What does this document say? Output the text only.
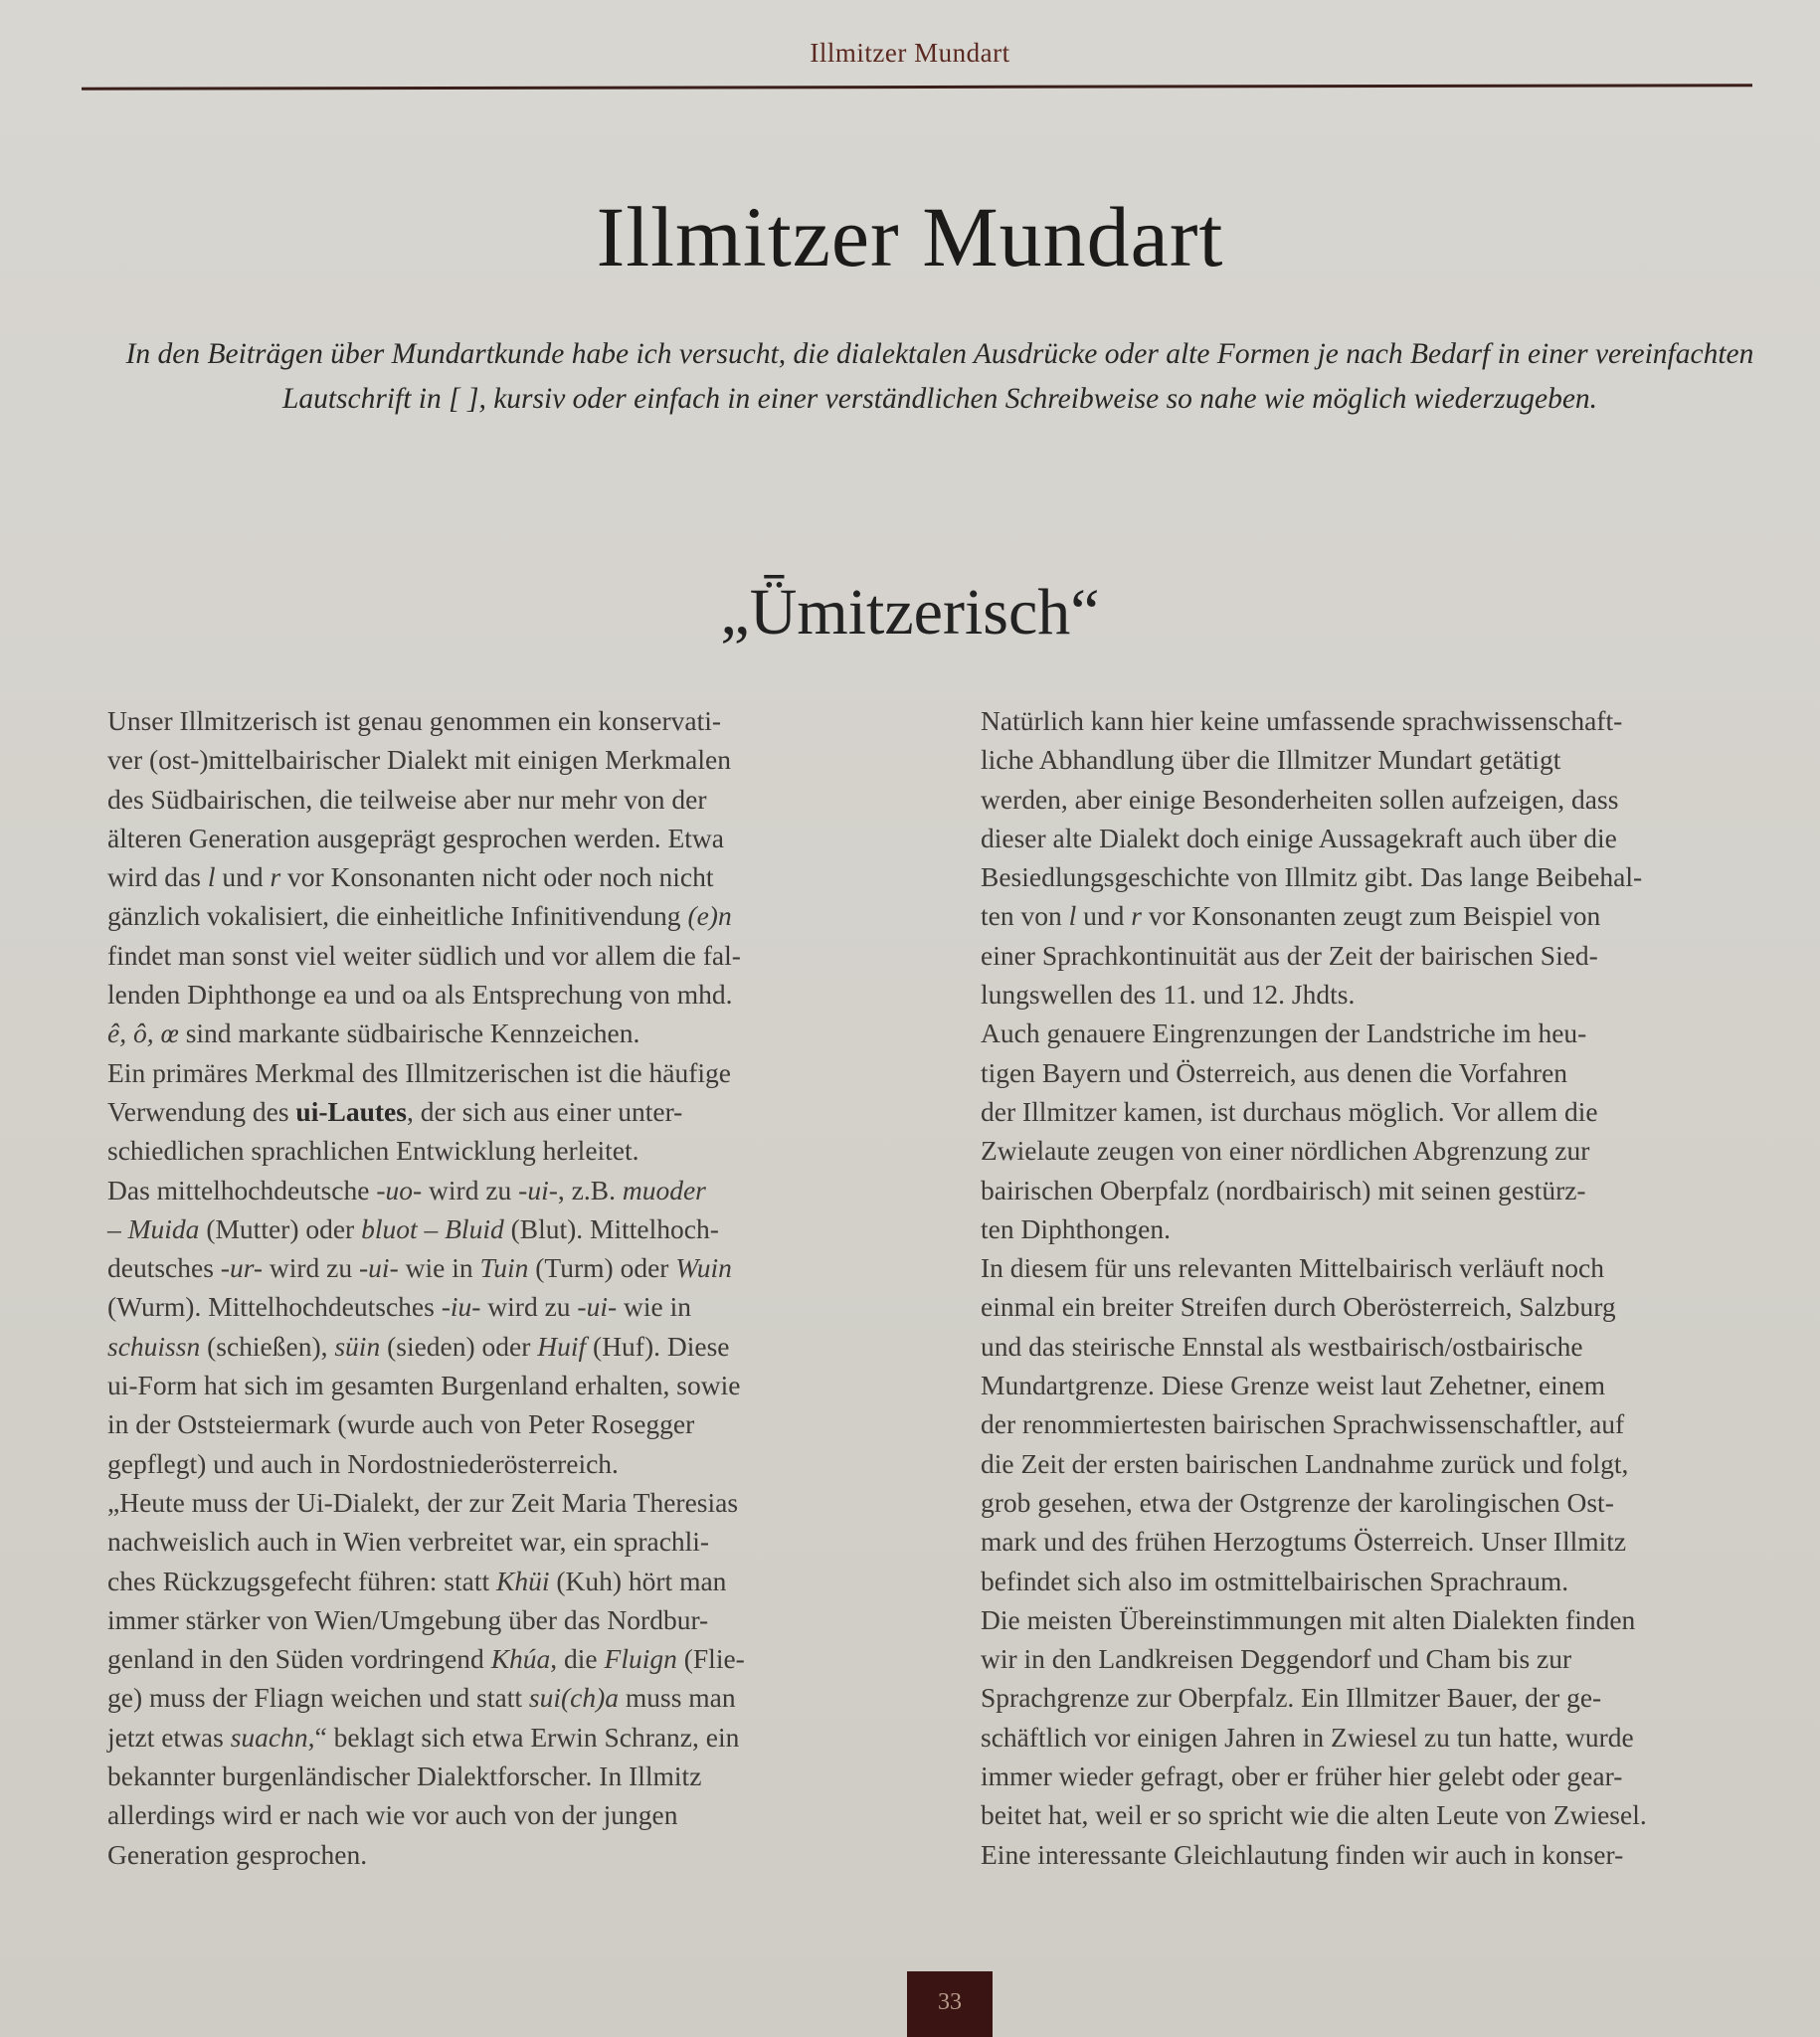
Illmitzer Mundart
Illmitzer Mundart

In den Beiträgen über Mundartkunde habe ich versucht, die dialektalen Ausdrücke oder alte Formen je nach Bedarf in einer vereinfachten Lautschrift in [ ], kursiv oder einfach in einer verständlichen Schreibweise so nahe wie möglich wiederzugeben.

„Ǖmitzerisch“
Unser Illmitzerisch ist genau genommen ein konservati-
ver (ost-)mittelbairischer Dialekt mit einigen Merkmalen
des Südbairischen, die teilweise aber nur mehr von der
älteren Generation ausgeprägt gesprochen werden. Etwa
wird das l und r vor Konsonanten nicht oder noch nicht
gänzlich vokalisiert, die einheitliche Infinitivendung (e)n
findet man sonst viel weiter südlich und vor allem die fal-
lenden Diphthonge ea und oa als Entsprechung von mhd.
ê, ô, œ sind markante südbairische Kennzeichen.
Ein primäres Merkmal des Illmitzerischen ist die häufige
Verwendung des ui-Lautes, der sich aus einer unter-
schiedlichen sprachlichen Entwicklung herleitet.
Das mittelhochdeutsche -uo- wird zu -ui-, z.B. muoder
– Muida (Mutter) oder bluot – Bluid (Blut). Mittelhoch-
deutsches -ur- wird zu -ui- wie in Tuin (Turm) oder Wuin
(Wurm). Mittelhochdeutsches -iu- wird zu -ui- wie in
schuissn (schießen), süin (sieden) oder Huif (Huf). Diese
ui-Form hat sich im gesamten Burgenland erhalten, sowie
in der Oststeiermark (wurde auch von Peter Rosegger
gepflegt) und auch in Nordostniederösterreich.
„Heute muss der Ui-Dialekt, der zur Zeit Maria Theresias
nachweislich auch in Wien verbreitet war, ein sprachli-
ches Rückzugsgefecht führen: statt Khüi (Kuh) hört man
immer stärker von Wien/Umgebung über das Nordbur-
genland in den Süden vordringend Khúa, die Fluign (Flie-
ge) muss der Fliagn weichen und statt sui(ch)a muss man
jetzt etwas suachn,“ beklagt sich etwa Erwin Schranz, ein
bekannter burgenländischer Dialektforscher. In Illmitz
allerdings wird er nach wie vor auch von der jungen
Generation gesprochen.
Natürlich kann hier keine umfassende sprachwissenschaft-
liche Abhandlung über die Illmitzer Mundart getätigt
werden, aber einige Besonderheiten sollen aufzeigen, dass
dieser alte Dialekt doch einige Aussagekraft auch über die
Besiedlungsgeschichte von Illmitz gibt. Das lange Beibehal-
ten von l und r vor Konsonanten zeugt zum Beispiel von
einer Sprachkontinuität aus der Zeit der bairischen Sied-
lungswellen des 11. und 12. Jhdts.
Auch genauere Eingrenzungen der Landstriche im heu-
tigen Bayern und Österreich, aus denen die Vorfahren
der Illmitzer kamen, ist durchaus möglich. Vor allem die
Zwielaute zeugen von einer nördlichen Abgrenzung zur
bairischen Oberpfalz (nordbairisch) mit seinen gestürz-
ten Diphthongen.
In diesem für uns relevanten Mittelbairisch verläuft noch
einmal ein breiter Streifen durch Oberösterreich, Salzburg
und das steirische Ennstal als westbairisch/ostbairische
Mundartgrenze. Diese Grenze weist laut Zehetner, einem
der renommiertesten bairischen Sprachwissenschaftler, auf
die Zeit der ersten bairischen Landnahme zurück und folgt,
grob gesehen, etwa der Ostgrenze der karolingischen Ost-
mark und des frühen Herzogtums Österreich. Unser Illmitz
befindet sich also im ostmittelbairischen Sprachraum.
Die meisten Übereinstimmungen mit alten Dialekten finden
wir in den Landkreisen Deggendorf und Cham bis zur
Sprachgrenze zur Oberpfalz. Ein Illmitzer Bauer, der ge-
schäftlich vor einigen Jahren in Zwiesel zu tun hatte, wurde
immer wieder gefragt, ober er früher hier gelebt oder gear-
beitet hat, weil er so spricht wie die alten Leute von Zwiesel.
Eine interessante Gleichlautung finden wir auch in konser-
33
